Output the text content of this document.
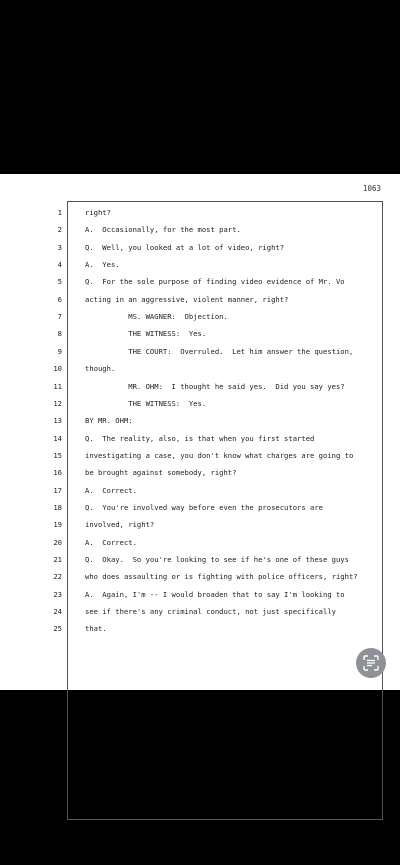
1063
1	right?
2	A.  Occasionally, for the most part.
3	Q.  Well, you looked at a lot of video, right?
4	A.  Yes.
5	Q.  For the sole purpose of finding video evidence of Mr. Vo
6	acting in an aggressive, violent manner, right?
7	MS. WAGNER:  Objection.
8	THE WITNESS:  Yes.
9	THE COURT:  Overruled.  Let him answer the question,
10	though.
11	MR. OHM:  I thought he said yes.  Did you say yes?
12	THE WITNESS:  Yes.
13	BY MR. OHM:
14	Q.  The reality, also, is that when you first started
15	investigating a case, you don't know what charges are going to
16	be brought against somebody, right?
17	A.  Correct.
18	Q.  You're involved way before even the prosecutors are
19	involved, right?
20	A.  Correct.
21	Q.  Okay.  So you're looking to see if he's one of these guys
22	who does assaulting or is fighting with police officers, right?
23	A.  Again, I'm -- I would broaden that to say I'm looking to
24	see if there's any criminal conduct, not just specifically
25	that.
